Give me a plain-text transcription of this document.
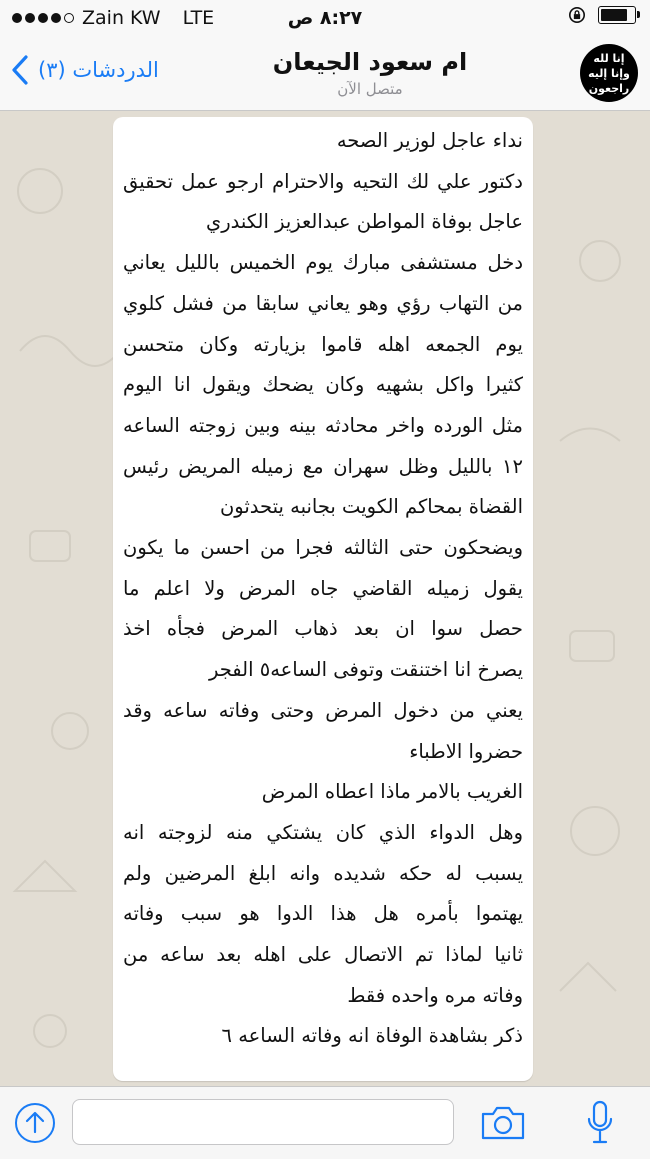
Zain KW LTE	٨:٢٧ ص
الدردشات (٣)	ام سعود الجيعان
متصل الآن
إنا لله
وإنا إليه راجعون
نداء عاجل لوزير الصحه
دكتور علي لك التحيه والاحترام ارجو عمل تحقيق
عاجل بوفاة المواطن عبدالعزيز الكندري
دخل مستشفى مبارك يوم الخميس بالليل يعاني
من التهاب رؤي وهو يعاني سابقا من فشل كلوي
يوم الجمعه اهله قاموا بزيارته وكان متحسن
كثيرا واكل بشهيه وكان يضحك ويقول انا اليوم
مثل الورده واخر محادثه بينه وبين زوجته الساعه
١٢ بالليل وظل سهران مع زميله المريض رئيس
القضاة بمحاكم الكويت بجانبه يتحدثون
ويضحكون حتى الثالثه فجرا من احسن ما يكون
يقول زميله القاضي جاه المرض ولا اعلم ما
حصل سوا ان بعد ذهاب المرض فجأه اخذ
يصرخ انا اختنقت وتوفى الساعه٥ الفجر
يعني من دخول المرض وحتى وفاته ساعه وقد
حضروا الاطباء
الغريب بالامر ماذا اعطاه المرض
وهل الدواء الذي كان يشتكي منه لزوجته انه
يسبب له حكه شديده وانه ابلغ المرضين ولم
يهتموا بأمره هل هذا الدوا هو سبب وفاته
ثانيا لماذا تم الاتصال على اهله بعد ساعه من
وفاته مره واحده فقط
ذكر بشاهدة الوفاة انه وفاته الساعه ٦
